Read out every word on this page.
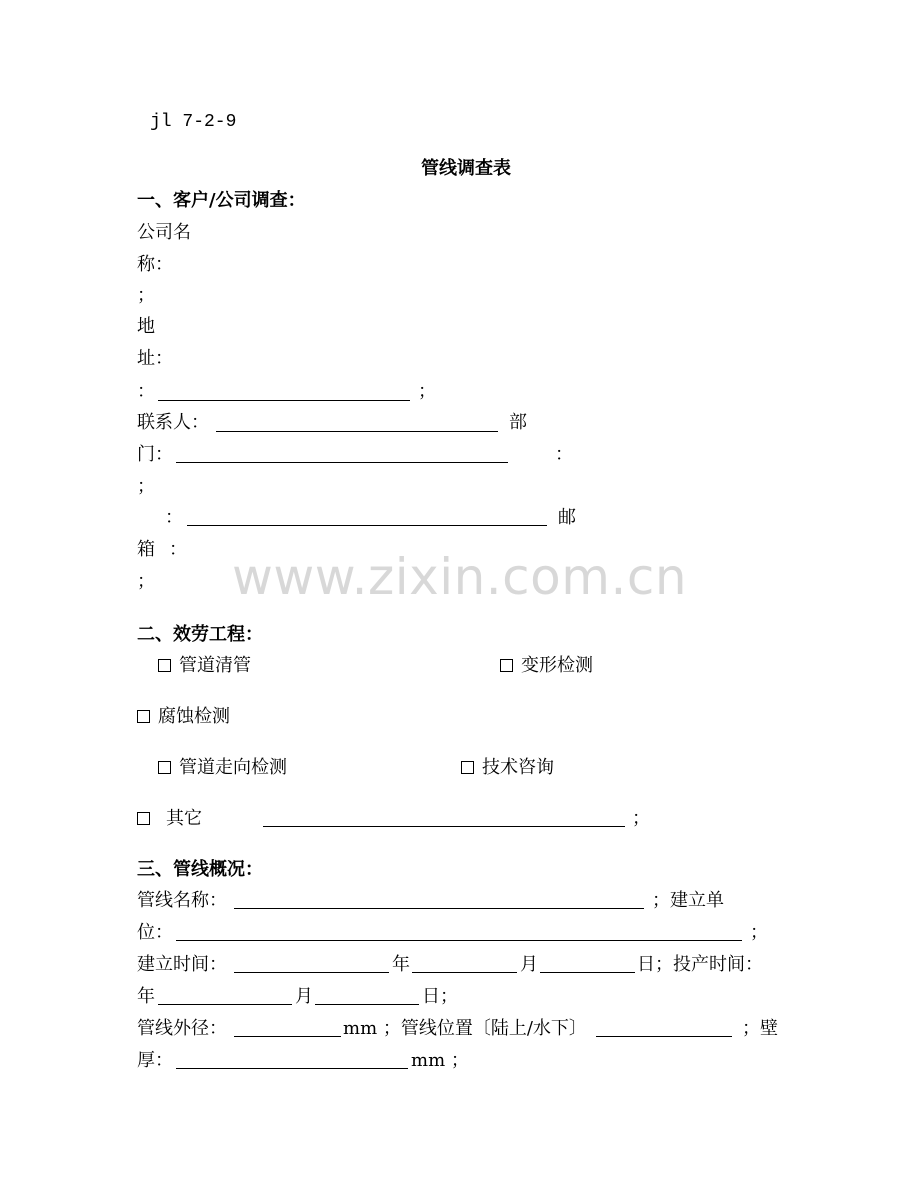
www.zixin.com.cn
jl 7-2-9
管线调查表
一、客户/公司调查：
公司名
称：
；
地
址：
：	；
联系人：	部
门：	：
；
：	邮
箱 ：
；
二、效劳工程：
管道清管	变形检测
腐蚀检测
管道走向检测	技术咨询
其它	；
三、管线概况：
管线名称：	；建立单
位：	；
建立时间：	年	月	日；投产时间：
年	月	日；
管线外径：	mm ；管线位置〔陆上/水下〕	；壁
厚：	mm ；
